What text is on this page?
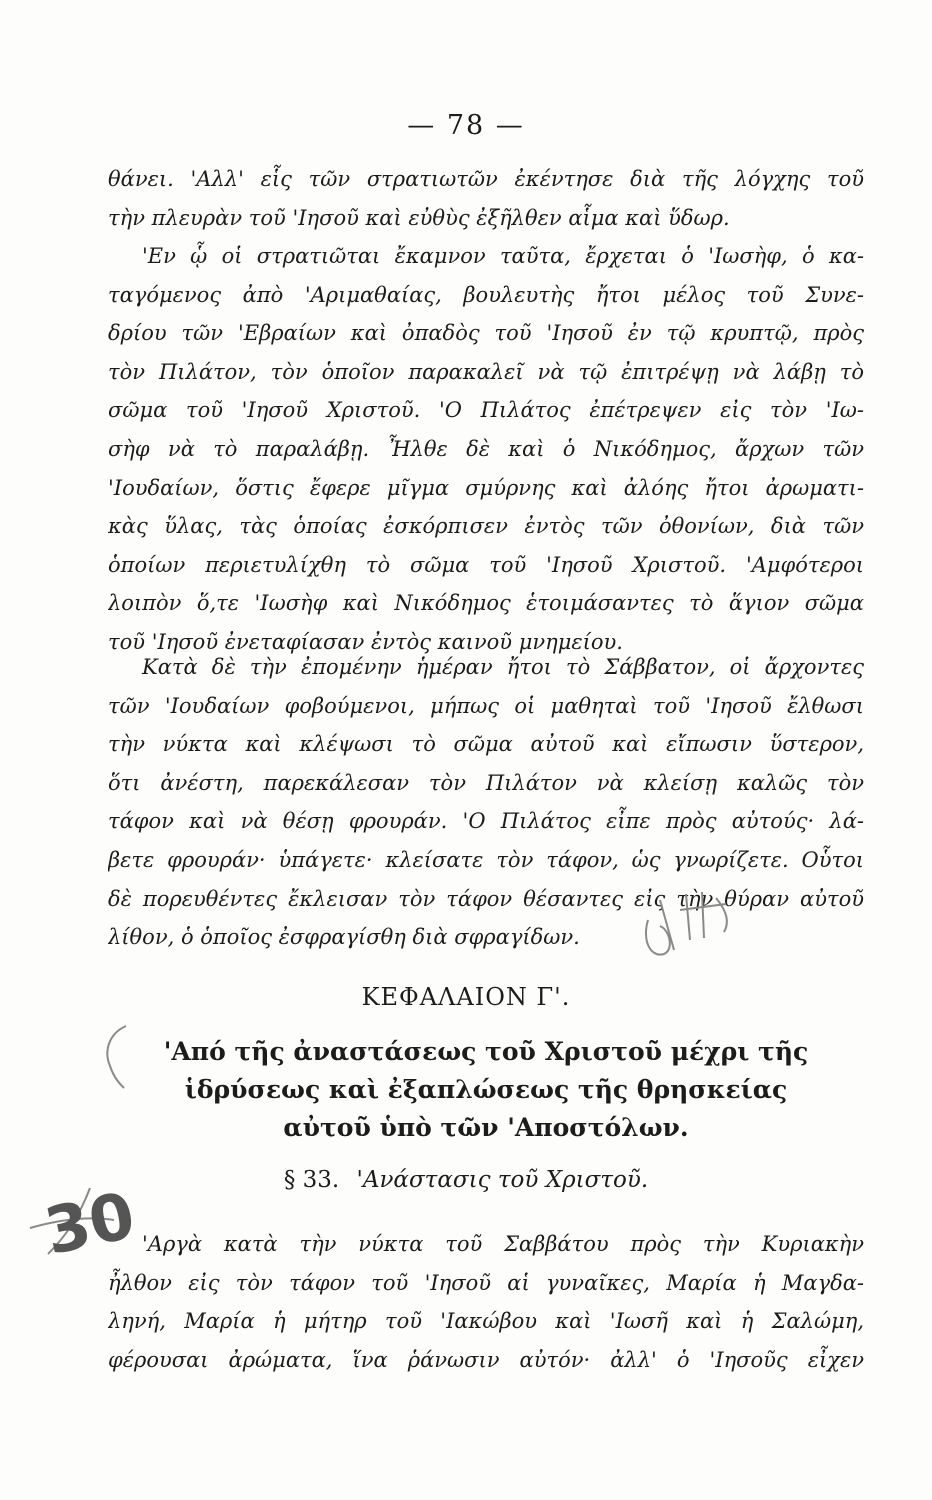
— 78 —
θάνει. 'Αλλ' εἷς τῶν στρατιωτῶν ἐκέντησε διὰ τῆς λόγχης τοῦ
τὴν πλευρὰν τοῦ 'Ιησοῦ καὶ εὐθὺς ἐξῆλθεν αἷμα καὶ ὕδωρ.
'Εν ᾧ οἱ στρατιῶται ἔκαμνον ταῦτα, ἔρχεται ὁ 'Ιωσὴφ, ὁ κα-
ταγόμενος ἀπὸ 'Αριμαθαίας, βουλευτὴς ἤτοι μέλος τοῦ Συνε-
δρίου τῶν 'Εβραίων καὶ ὀπαδὸς τοῦ 'Ιησοῦ ἐν τῷ κρυπτῷ, πρὸς
τὸν Πιλάτον, τὸν ὁποῖον παρακαλεῖ νὰ τῷ ἐπιτρέψῃ νὰ λάβῃ τὸ
σῶμα τοῦ 'Ιησοῦ Χριστοῦ. 'Ο Πιλάτος ἐπέτρεψεν εἰς τὸν 'Ιω-
σὴφ νὰ τὸ παραλάβῃ. Ἦλθε δὲ καὶ ὁ Νικόδημος, ἄρχων τῶν
'Ιουδαίων, ὅστις ἔφερε μῖγμα σμύρνης καὶ ἀλόης ἤτοι ἀρωματι-
κὰς ὕλας, τὰς ὁποίας ἐσκόρπισεν ἐντὸς τῶν ὀθονίων, διὰ τῶν
ὁποίων περιετυλίχθη τὸ σῶμα τοῦ 'Ιησοῦ Χριστοῦ. 'Αμφότεροι
λοιπὸν ὅ,τε 'Ιωσὴφ καὶ Νικόδημος ἑτοιμάσαντες τὸ ἅγιον σῶμα
τοῦ 'Ιησοῦ ἐνεταφίασαν ἐντὸς καινοῦ μνημείου.
Κατὰ δὲ τὴν ἐπομένην ἡμέραν ἤτοι τὸ Σάββατον, οἱ ἄρχοντες
τῶν 'Ιουδαίων φοβούμενοι, μήπως οἱ μαθηταὶ τοῦ 'Ιησοῦ ἔλθωσι
τὴν νύκτα καὶ κλέψωσι τὸ σῶμα αὐτοῦ καὶ εἴπωσιν ὕστερον,
ὅτι ἀνέστη, παρεκάλεσαν τὸν Πιλάτον νὰ κλείσῃ καλῶς τὸν
τάφον καὶ νὰ θέσῃ φρουράν. 'Ο Πιλάτος εἶπε πρὸς αὐτούς· λά-
βετε φρουράν· ὑπάγετε· κλείσατε τὸν τάφον, ὡς γνωρίζετε. Οὗτοι
δὲ πορευθέντες ἔκλεισαν τὸν τάφον θέσαντες εἰς τὴν θύραν αὐτοῦ
λίθον, ὁ ὁποῖος ἐσφραγίσθη διὰ σφραγίδων.
ΚΕΦΑΛΑΙΟΝ Γ'.
'Από τῆς ἀναστάσεως τοῦ Χριστοῦ μέχρι τῆς
ἱδρύσεως καὶ ἐξαπλώσεως τῆς θρησκείας
αὐτοῦ ὑπὸ τῶν 'Αποστόλων.
30	§ 33. 'Ανάστασις τοῦ Χριστοῦ.
'Αργὰ κατὰ τὴν νύκτα τοῦ Σαββάτου πρὸς τὴν Κυριακὴν
ἦλθον εἰς τὸν τάφον τοῦ 'Ιησοῦ αἱ γυναῖκες, Μαρία ἡ Μαγδα-
ληνή, Μαρία ἡ μήτηρ τοῦ 'Ιακώβου καὶ 'Ιωσῆ καὶ ἡ Σαλώμη,
φέρουσαι ἀρώματα, ἵνα ῥάνωσιν αὐτόν· ἀλλ' ὁ 'Ιησοῦς εἶχεν
